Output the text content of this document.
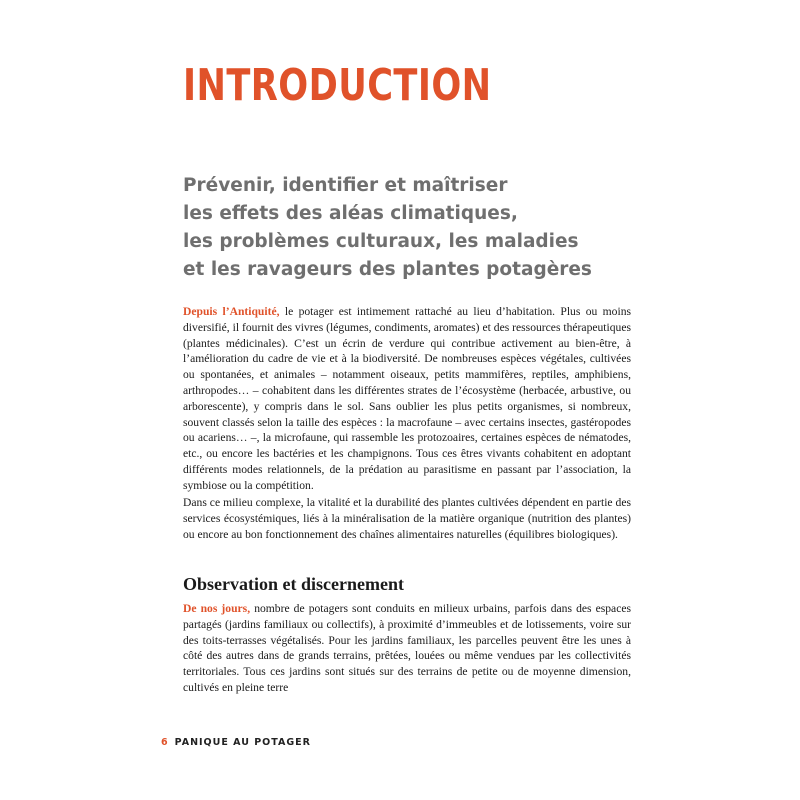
INTRODUCTION
Prévenir, identifier et maîtriser
les effets des aléas climatiques,
les problèmes culturaux, les maladies
et les ravageurs des plantes potagères

Depuis l’Antiquité, le potager est intimement rattaché au lieu d’habitation. Plus ou moins diversifié, il fournit des vivres (légumes, condiments, aromates) et des ressources thérapeutiques (plantes médicinales). C’est un écrin de verdure qui contribue activement au bien-être, à l’amélioration du cadre de vie et à la biodiversité. De nombreuses espèces végétales, cultivées ou spontanées, et animales – notamment oiseaux, petits mammifères, reptiles, amphibiens, arthropodes… – cohabitent dans les différentes strates de l’écosystème (herbacée, arbustive, ou arborescente), y compris dans le sol. Sans oublier les plus petits organismes, si nombreux, souvent classés selon la taille des espèces : la macrofaune – avec certains insectes, gastéropodes ou acariens… –, la microfaune, qui rassemble les protozoaires, certaines espèces de nématodes, etc., ou encore les bactéries et les champignons. Tous ces êtres vivants cohabitent en adoptant différents modes relationnels, de la prédation au parasitisme en passant par l’association, la symbiose ou la compétition.

Dans ce milieu complexe, la vitalité et la durabilité des plantes cultivées dépendent en partie des services écosystémiques, liés à la minéralisation de la matière organique (nutrition des plantes) ou encore au bon fonctionnement des chaînes alimentaires naturelles (équilibres biologiques).

Observation et discernement

De nos jours, nombre de potagers sont conduits en milieux urbains, parfois dans des espaces partagés (jardins familiaux ou collectifs), à proximité d’immeubles et de lotissements, voire sur des toits-terrasses végétalisés. Pour les jardins familiaux, les parcelles peuvent être les unes à côté des autres dans de grands terrains, prêtées, louées ou même vendues par les collectivités territoriales. Tous ces jardins sont situés sur des terrains de petite ou de moyenne dimension, cultivés en pleine terre

6 PANIQUE AU POTAGER
